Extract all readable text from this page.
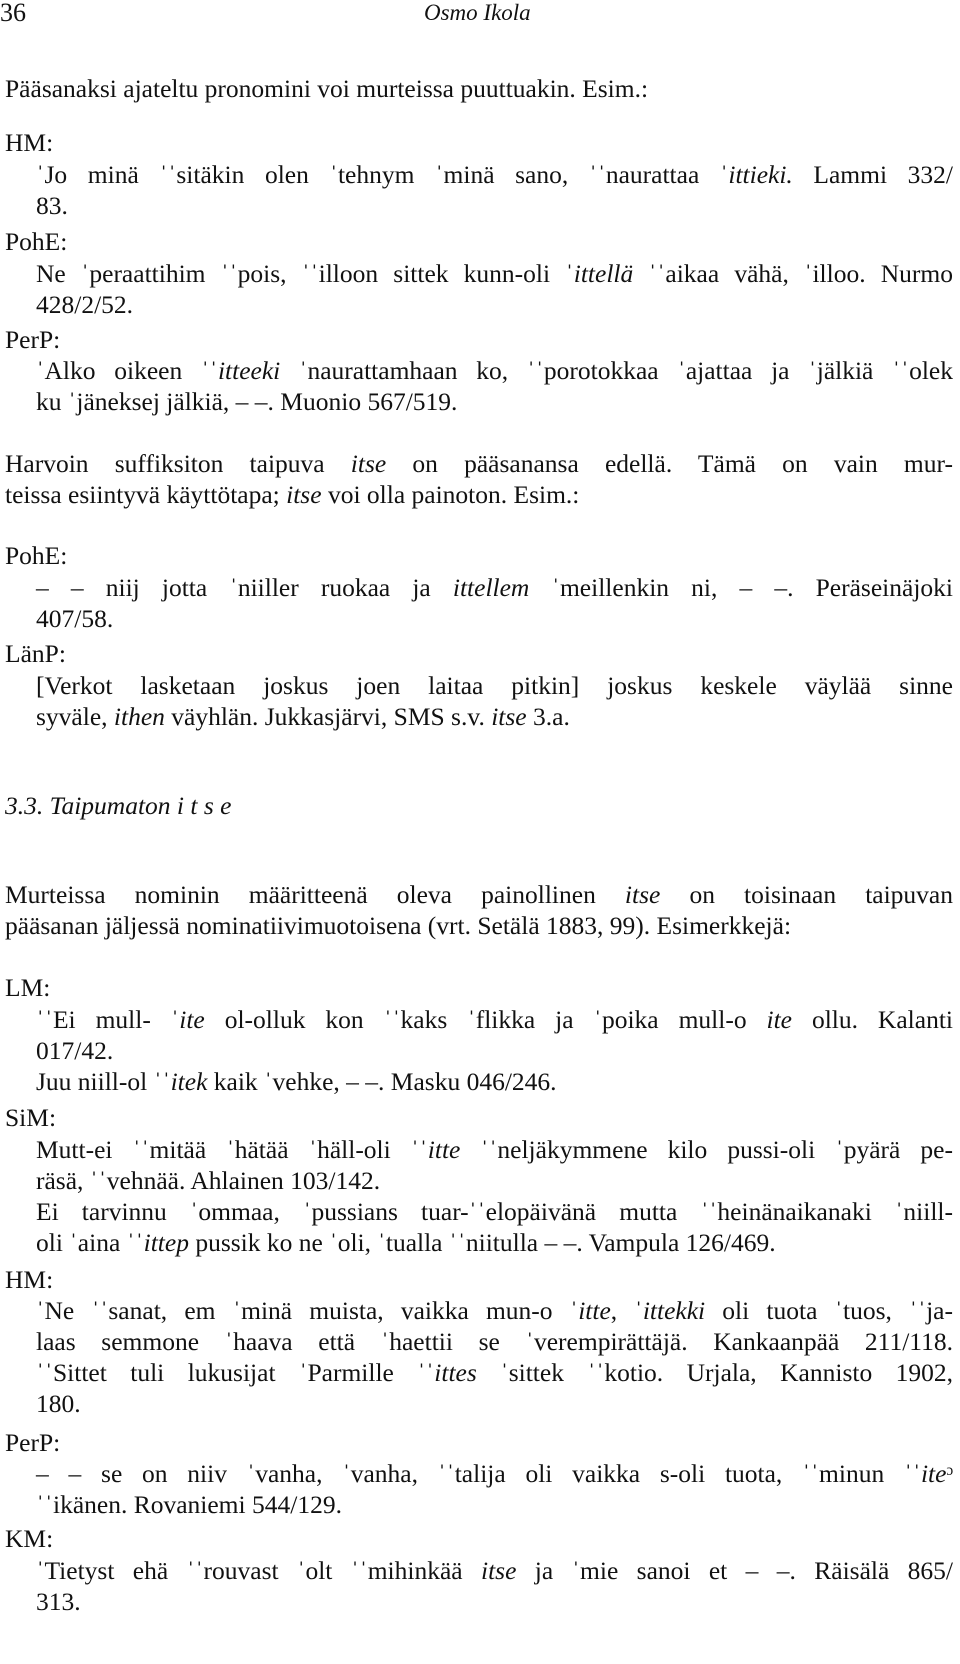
36	Osmo Ikola
Pääsanaksi ajateltu pronomini voi murteissa puuttuakin. Esim.:
HM:
ˈJo minä ˈˈsitäkin olen ˈtehnym ˈminä sano, ˈˈnaurattaa ˈittieki. Lammi 332/
83.
PohE:
Ne ˈperaattihim ˈˈpois, ˈˈilloon sittek kunn-oli ˈittellä ˈˈaikaa vähä, ˈilloo. Nurmo
428/2/52.
PerP:
ˈAlko oikeen ˈˈitteeki ˈnaurattamhaan ko, ˈˈporotokkaa ˈajattaa ja ˈjälkiä ˈˈolek
ku ˈjäneksej jälkiä, – –. Muonio 567/519.
Harvoin suffiksiton taipuva itse on pääsanansa edellä. Tämä on vain mur-
teissa esiintyvä käyttötapa; itse voi olla painoton. Esim.:
PohE:
– – niij jotta ˈniiller ruokaa ja ittellem ˈmeillenkin ni, – –. Peräseinäjoki
407/58.
LänP:
[Verkot lasketaan joskus joen laitaa pitkin] joskus keskele väylää sinne
syväle, ithen väyhlän. Jukkasjärvi, SMS s.v. itse 3.a.
3.3. Taipumaton i t s e
Murteissa nominin määritteenä oleva painollinen itse on toisinaan taipuvan
pääsanan jäljessä nominatiivimuotoisena (vrt. Setälä 1883, 99). Esimerkkejä:
LM:
ˈˈEi mull- ˈite ol-olluk kon ˈˈkaks ˈflikka ja ˈpoika mull-o ite ollu. Kalanti
017/42.
Juu niill-ol ˈˈitek kaik ˈvehke, – –. Masku 046/246.
SiM:
Mutt-ei ˈˈmitää ˈhätää ˈhäll-oli ˈˈitte ˈˈneljäkymmene kilo pussi-oli ˈpyärä pe-
räsä, ˈˈvehnää. Ahlainen 103/142.
Ei tarvinnu ˈommaa, ˈpussians tuar-ˈˈelopäivänä mutta ˈˈheinänaikanaki ˈniill-
oli ˈaina ˈˈittep pussik ko ne ˈoli, ˈtualla ˈˈniitulla – –. Vampula 126/469.
HM:
ˈNe ˈˈsanat, em ˈminä muista, vaikka mun-o ˈitte, ˈittekki oli tuota ˈtuos, ˈˈja-
laas semmone ˈhaava että ˈhaettii se ˈverempirättäjä. Kankaanpää 211/118.
ˈˈSittet tuli lukusijat ˈParmille ˈˈittes ˈsittek ˈˈkotio. Urjala, Kannisto 1902,
180.
PerP:
– – se on niiv ˈvanha, ˈvanha, ˈˈtalija oli vaikka s-oli tuota, ˈˈminun ˈˈiteᵓ
ˈˈikänen. Rovaniemi 544/129.
KM:
ˈTietyst ehä ˈˈrouvast ˈolt ˈˈmihinkää itse ja ˈmie sanoi et – –. Räisälä 865/
313.
